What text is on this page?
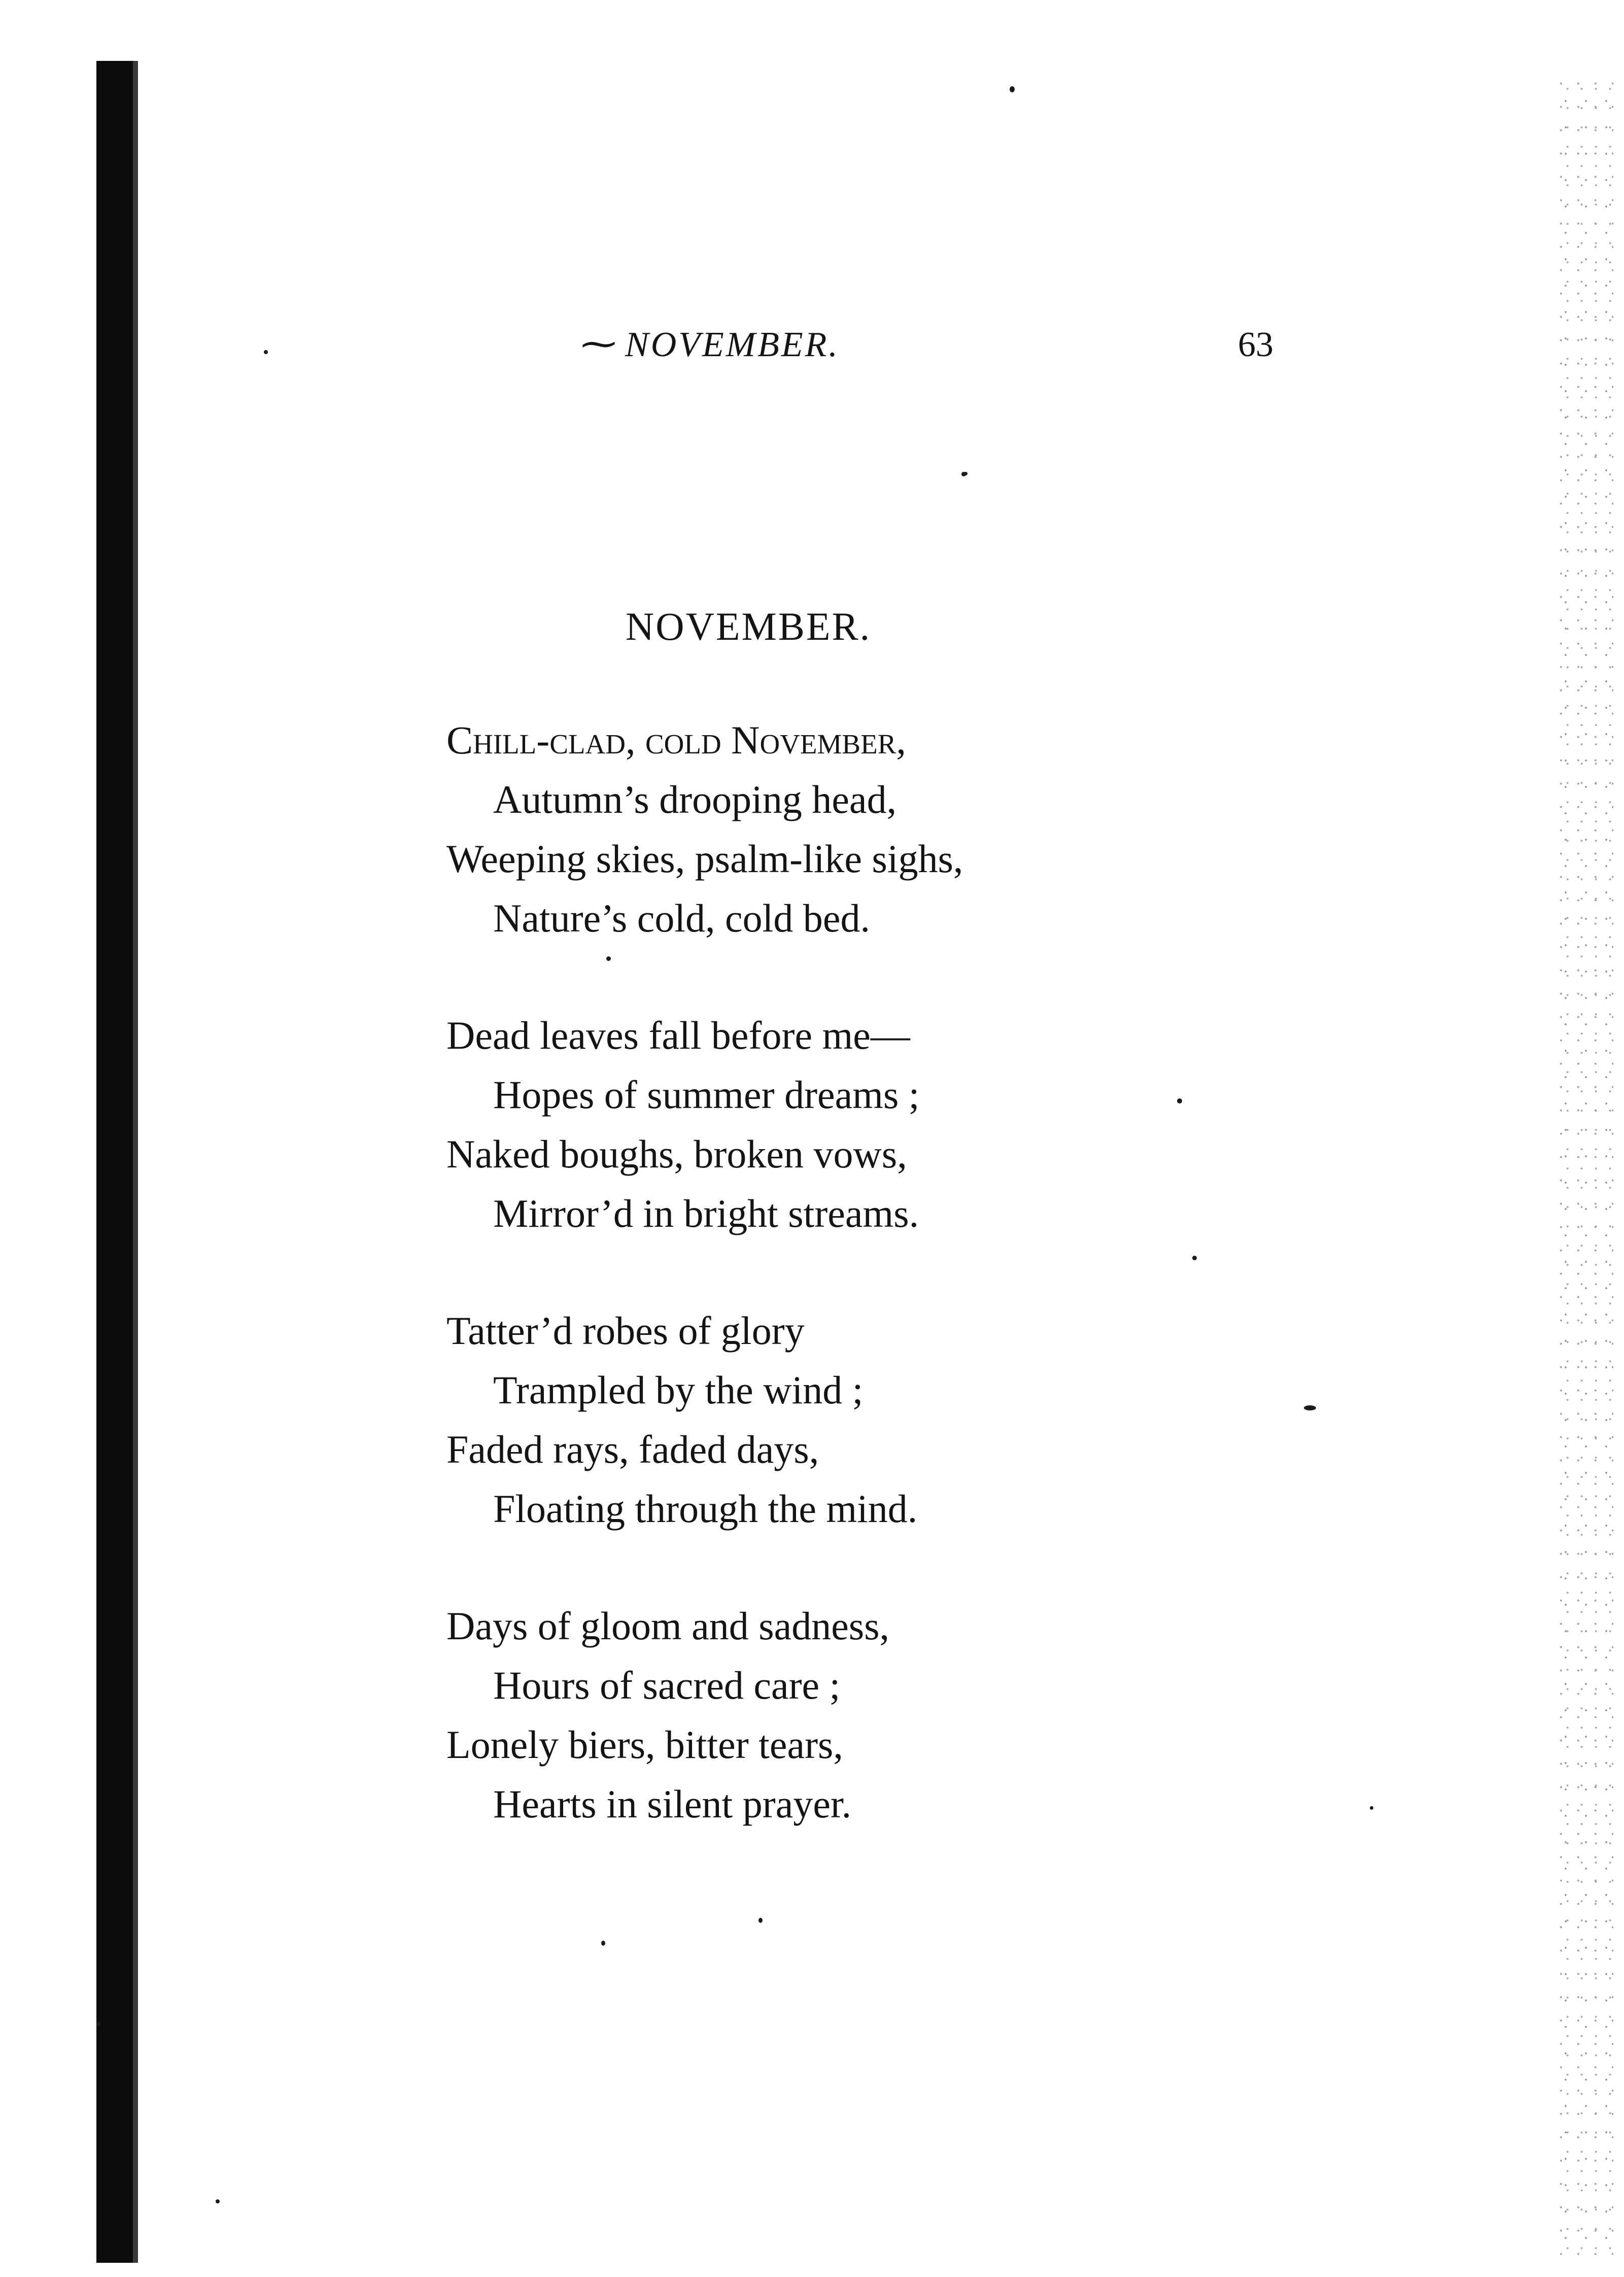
⁓ NOVEMBER.	63
NOVEMBER.
Chill-clad, cold November,
Autumn’s drooping head,
Weeping skies, psalm-like sighs,
Nature’s cold, cold bed.
Dead leaves fall before me—
Hopes of summer dreams ;
Naked boughs, broken vows,
Mirror’d in bright streams.
Tatter’d robes of glory
Trampled by the wind ;
Faded rays, faded days,
Floating through the mind.
Days of gloom and sadness,
Hours of sacred care ;
Lonely biers, bitter tears,
Hearts in silent prayer.
